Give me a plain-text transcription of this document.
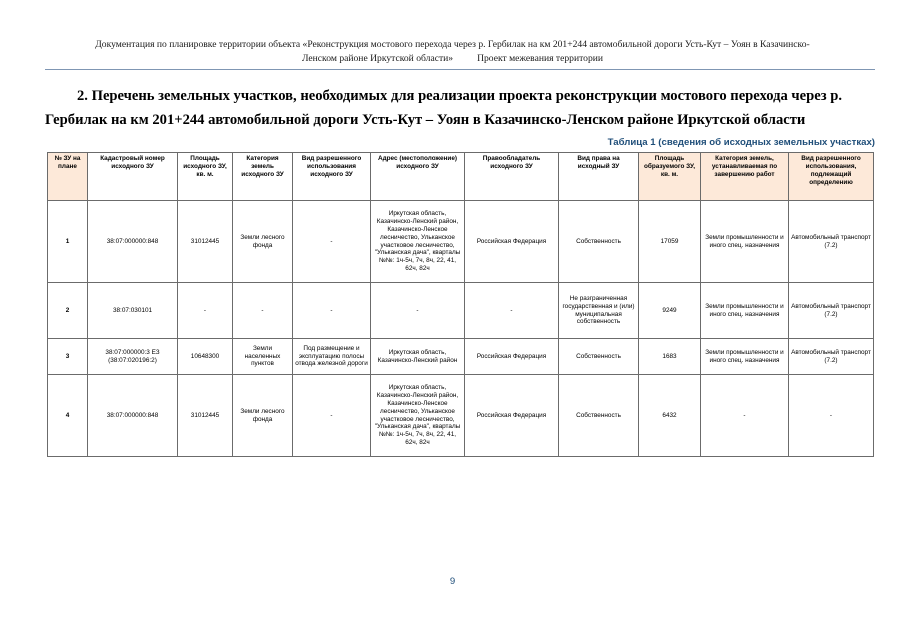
Документация по планировке территории объекта «Реконструкция мостового перехода через р. Гербилак на км 201+244 автомобильной дороги Усть-Кут – Уоян в Казачинско-
Ленском районе Иркутской области»          Проект межевания территории
2. Перечень земельных участков, необходимых для реализации проекта реконструкции мостового перехода через р. Гербилак на км 201+244 автомобильной дороги Усть-Кут – Уоян в Казачинско-Ленском районе Иркутской области
Таблица 1 (сведения об исходных земельных участках)
№ ЗУ на плане	Кадастровый номер исходного ЗУ	Площадь исходного ЗУ, кв. м.	Категория земель исходного ЗУ	Вид разрешенного использования исходного ЗУ	Адрес (местоположение) исходного ЗУ	Правообладатель исходного ЗУ	Вид права на исходный ЗУ	Площадь образуемого ЗУ, кв. м.	Категория земель, устанавливаемая по завершению работ	Вид разрешенного использования, подлежащий определению
1	38:07:000000:848	31012445	Земли лесного фонда	-	Иркутская область, Казачинско-Ленский район, Казачинско-Ленское лесничество, Ульканское участковое лесничество, "Ульканская дача", кварталы №№: 1ч-5ч, 7ч, 8ч, 22, 41, 62ч, 82ч	Российская Федерация	Собственность	17059	Земли промышленности и иного спец. назначения	Автомобильный транспорт (7.2)
2	38:07:030101	-	-	-	-	-	Не разграниченная государственная и (или) муниципальная собственность	9249	Земли промышленности и иного спец. назначения	Автомобильный транспорт (7.2)
3	38:07:000000:3 ЕЗ (38:07:020196:2)	10648300	Земли населенных пунктов	Под размещение и эксплуатацию полосы отвода железной дороги	Иркутская область, Казачинско-Ленский район	Российская Федерация	Собственность	1683	Земли промышленности и иного спец. назначения	Автомобильный транспорт (7.2)
4	38:07:000000:848	31012445	Земли лесного фонда	-	Иркутская область, Казачинско-Ленский район, Казачинско-Ленское лесничество, Ульканское участковое лесничество, "Ульканская дача", кварталы №№: 1ч-5ч, 7ч, 8ч, 22, 41, 62ч, 82ч	Российская Федерация	Собственность	6432	-	-
9
